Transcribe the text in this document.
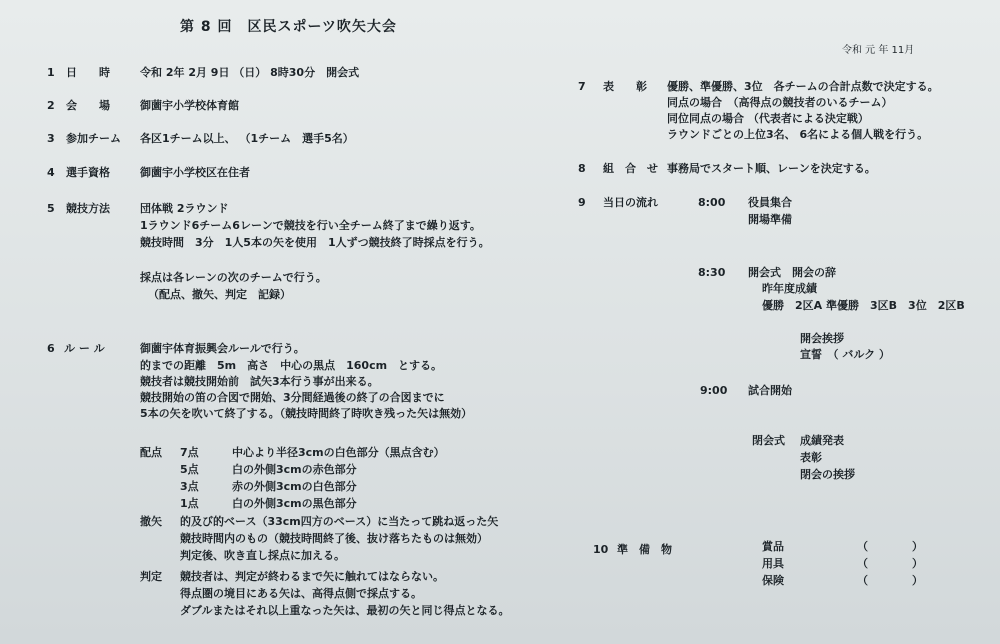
第 8 回　区民スポーツ吹矢大会
令和 元 年 11月
1 日　　時	令和 2年 2月 9日 （日） 8時30分　開会式
2 会　　場	御薗宇小学校体育館
3 参加チーム 各区1チーム以上、 （1チーム　選手5名）
4 選手資格	御薗宇小学校区在住者
5 競技方法	団体戦 2ラウンド
1ラウンド6チーム6レーンで競技を行い全チーム終了まで繰り返す。
競技時間　3分　1人5本の矢を使用　1人ずつ競技終了時採点を行う。
採点は各レーンの次のチームで行う。
（配点、撤矢、判定　記録）
6 ル ー ル	御薗宇体育振興会ルールで行う。
的までの距離　5m　高さ　中心の黒点　160cm　とする。
競技者は競技開始前　試矢3本行う事が出来る。
競技開始の笛の合図で開始、3分間経過後の終了の合図までに
5本の矢を吹いて終了する。（競技時間終了時吹き残った矢は無効）
配点 7点	中心より半径3cmの白色部分（黒点含む）
5点	白の外側3cmの赤色部分
3点	赤の外側3cmの白色部分
1点	白の外側3cmの黒色部分
撤矢 的及び的ベース（33cm四方のベース）に当たって跳ね返った矢
競技時間内のもの（競技時間終了後、抜け落ちたものは無効）
判定後、吹き直し採点に加える。
判定 競技者は、判定が終わるまで矢に触れてはならない。
得点圏の境目にある矢は、高得点側で採点する。
ダブルまたはそれ以上重なった矢は、最初の矢と同じ得点となる。
7 表　　彰 優勝、準優勝、3位　各チームの合計点数で決定する。
同点の場合　（高得点の競技者のいるチーム）
同位同点の場合 （代表者による決定戦）
ラウンドごとの上位3名、 6名による個人戦を行う。
8 組　合　せ 事務局でスタート順、レーンを決定する。
9 当日の流れ	8:00 役員集合
開場準備
8:30 開会式　開会の辞
昨年度成績
優勝　2区A 準優勝　3区B　3位　2区B
開会挨拶
宣誓　（ バルク ）
9:00 試合開始
閉会式 成績発表
表彰
閉会の挨拶
10 準　備　物	賞品	（　　　　）
用具	（　　　　）
保険	（　　　　）
